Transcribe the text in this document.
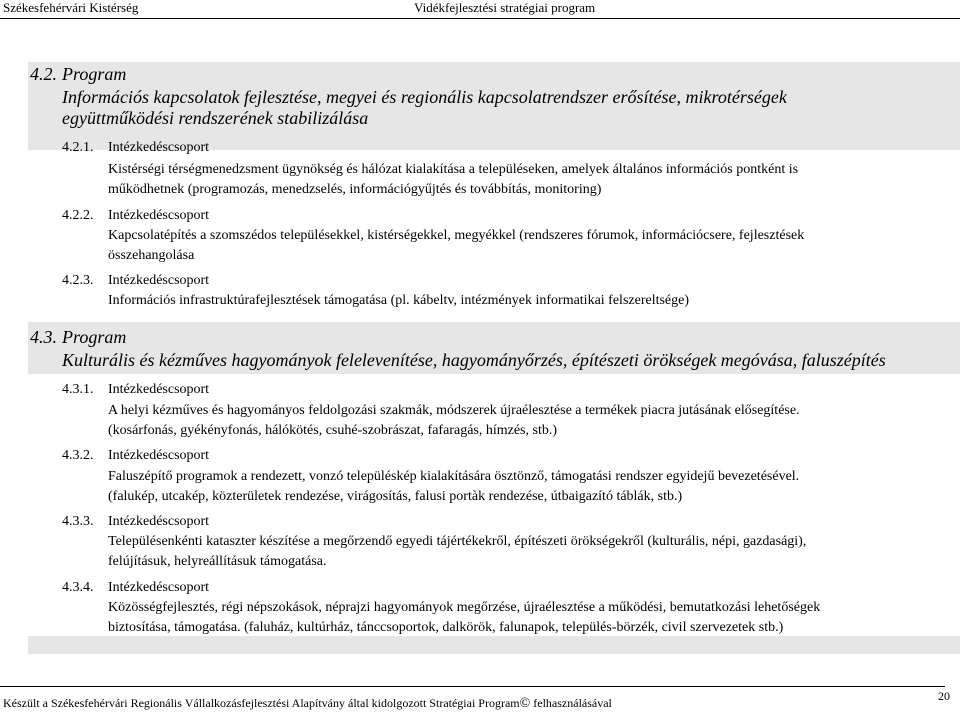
Székesfehérvári Kistérség	Vidékfejlesztési stratégiai program
4.2. Program
Információs kapcsolatok fejlesztése, megyei és regionális kapcsolatrendszer erősítése, mikrotérségek
együttműködési rendszerének stabilizálása
4.2.1. Intézkedéscsoport
Kistérségi térségmenedzsment ügynökség és hálózat kialakítása a településeken, amelyek általános információs pontként is
működhetnek (programozás, menedzselés, információgyűjtés és továbbítás, monitoring)
4.2.2. Intézkedéscsoport
Kapcsolatépítés a szomszédos településekkel, kistérségekkel, megyékkel (rendszeres fórumok, információcsere, fejlesztések
összehangolása
4.2.3. Intézkedéscsoport
Információs infrastruktúrafejlesztések támogatása (pl. kábeltv, intézmények informatikai felszereltsége)
4.3. Program
Kulturális és kézműves hagyományok felelevenítése, hagyományőrzés, építészeti örökségek megóvása, faluszépítés
4.3.1. Intézkedéscsoport
A helyi kézműves és hagyományos feldolgozási szakmák, módszerek újraélesztése a termékek piacra jutásának elősegítése.
(kosárfonás, gyékényfonás, hálókötés, csuhé-szobrászat, fafaragás, hímzés, stb.)
4.3.2. Intézkedéscsoport
Faluszépítő programok a rendezett, vonzó településkép kialakítására ösztönző, támogatási rendszer egyidejű bevezetésével.
(falukép, utcakép, közterületek rendezése, virágosítás, falusi portàk rendezése, útbaigazító táblák, stb.)
4.3.3. Intézkedéscsoport
Településenkénti kataszter készítése a megőrzendő egyedi tájértékekről, építészeti örökségekről (kulturális, népi, gazdasági),
felújításuk, helyreállításuk támogatása.
4.3.4. Intézkedéscsoport
Közösségfejlesztés, régi népszokások, néprajzi hagyományok megőrzése, újraélesztése a működési, bemutatkozási lehetőségek
biztosítása, támogatása. (faluház, kultúrház, tánccsoportok, dalkörök, falunapok, település-börzék, civil szervezetek stb.)
Készült a Székesfehérvári Regionális Vállalkozásfejlesztési Alapítvány által kidolgozott Stratégiai Program© felhasználásával	20
